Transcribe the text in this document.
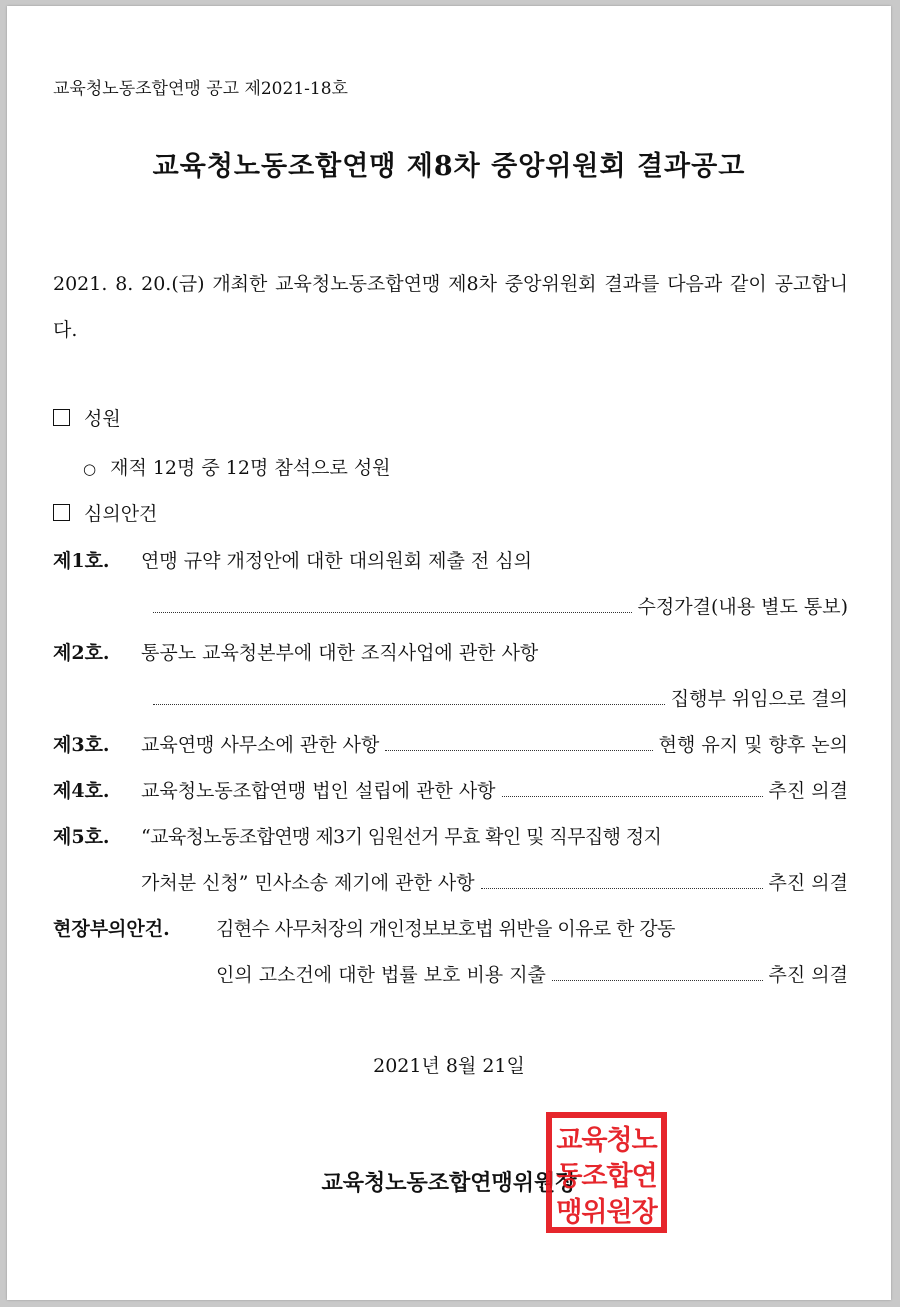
교육청노동조합연맹 공고 제2021-18호
교육청노동조합연맹 제8차 중앙위원회 결과공고
2021. 8. 20.(금) 개최한 교육청노동조합연맹 제8차 중앙위원회 결과를 다음과 같이 공고합니다.
성원
○ 재적 12명 중 12명 참석으로 성원
심의안건
제1호.	연맹 규약 개정안에 대한 대의원회 제출 전 심의
수정가결(내용 별도 통보)
제2호.	통공노 교육청본부에 대한 조직사업에 관한 사항
집행부 위임으로 결의
제3호.	교육연맹 사무소에 관한 사항	현행 유지 및 향후 논의
제4호.	교육청노동조합연맹 법인 설립에 관한 사항	추진 의결
제5호.	“교육청노동조합연맹 제3기 임원선거 무효 확인 및 직무집행 정지
가처분 신청” 민사소송 제기에 관한 사항	추진 의결
현장부의안건.	김현수 사무처장의 개인정보보호법 위반을 이유로 한 강동
인의 고소건에 대한 법률 보호 비용 지출	추진 의결
2021년 8월 21일
교육청노동조합연맹위원장
교육청노
동조합연
맹위원장
